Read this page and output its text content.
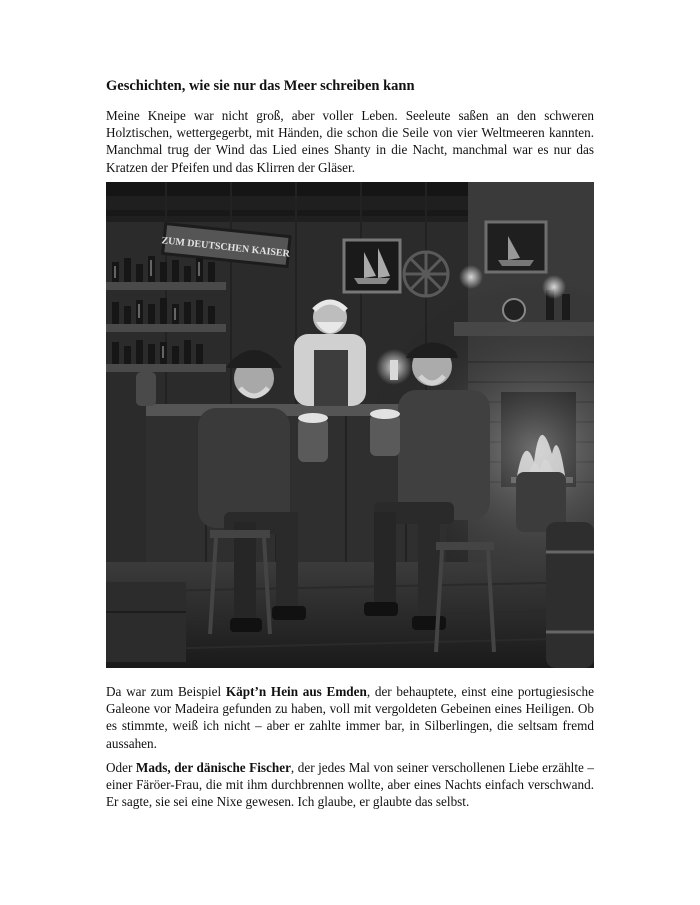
Geschichten, wie sie nur das Meer schreiben kann

Meine Kneipe war nicht groß, aber voller Leben. Seeleute saßen an den schweren Holztischen, wettergegerbt, mit Händen, die schon die Seile von vier Weltmeeren kannten. Manchmal trug der Wind das Lied eines Shanty in die Nacht, manchmal war es nur das Kratzen der Pfeifen und das Klirren der Gläser.

Da war zum Beispiel Käpt’n Hein aus Emden, der behauptete, einst eine portugiesische Galeone vor Madeira gefunden zu haben, voll mit vergoldeten Gebeinen eines Heiligen. Ob es stimmte, weiß ich nicht – aber er zahlte immer bar, in Silberlingen, die seltsam fremd aussahen.

Oder Mads, der dänische Fischer, der jedes Mal von seiner verschollenen Liebe erzählte – einer Färöer-Frau, die mit ihm durchbrennen wollte, aber eines Nachts einfach verschwand. Er sagte, sie sei eine Nixe gewesen. Ich glaube, er glaubte das selbst.
